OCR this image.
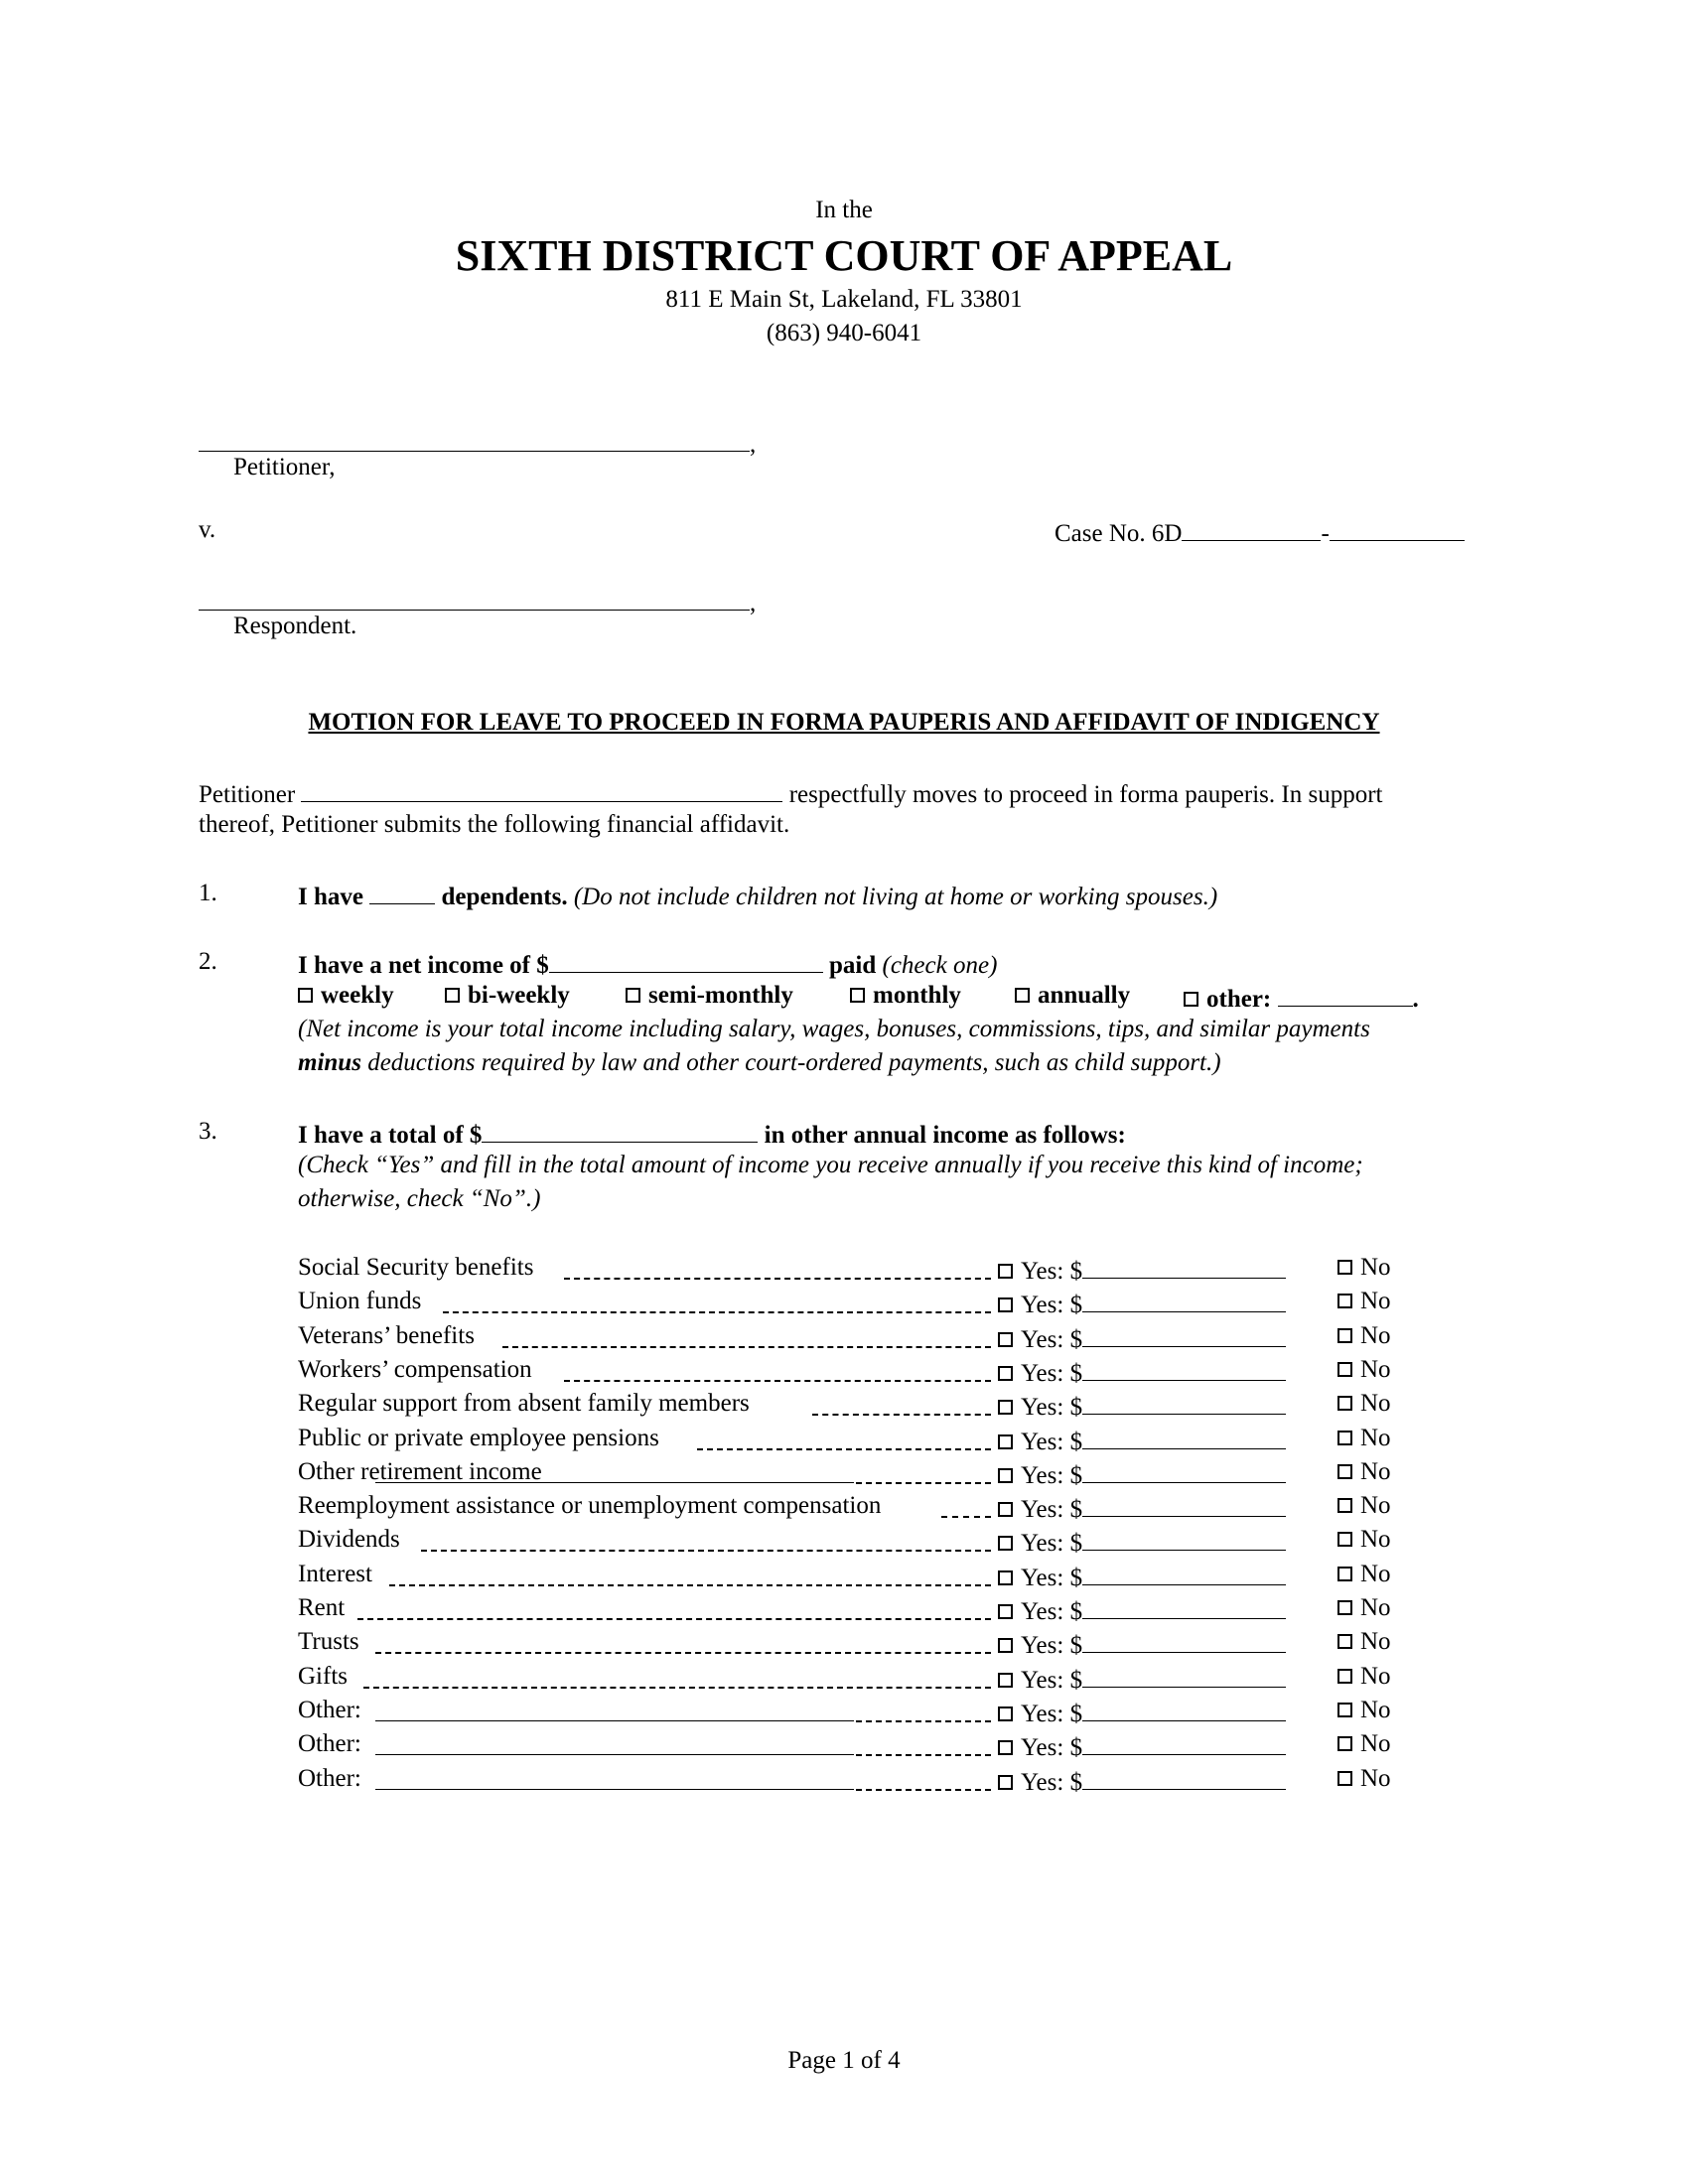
In the
SIXTH DISTRICT COURT OF APPEAL
811 E Main St, Lakeland, FL 33801
(863) 940-6041
,
Petitioner,
v.	Case No. 6D	-
,
Respondent.
MOTION FOR LEAVE TO PROCEED IN FORMA PAUPERIS AND AFFIDAVIT OF INDIGENCY
Petitioner	respectfully moves to proceed in forma pauperis. In support
thereof, Petitioner submits the following financial affidavit.
1.	I have	dependents. (Do not include children not living at home or working spouses.)
2.	I have a net income of $	paid (check one)
weekly	bi-weekly	semi-monthly	monthly	annually	other:	.
(Net income is your total income including salary, wages, bonuses, commissions, tips, and similar payments
minus deductions required by law and other court-ordered payments, such as child support.)
3.	I have a total of $	in other annual income as follows:
(Check “Yes” and fill in the total amount of income you receive annually if you receive this kind of income;
otherwise, check “No”.)
Social Security benefits	Yes: $	No
Union funds	Yes: $	No
Veterans’ benefits	Yes: $	No
Workers’ compensation	Yes: $	No
Regular support from absent family members	Yes: $	No
Public or private employee pensions	Yes: $	No
Other retirement income	Yes: $	No
Reemployment assistance or unemployment compensation	Yes: $	No
Dividends	Yes: $	No
Interest	Yes: $	No
Rent	Yes: $	No
Trusts	Yes: $	No
Gifts	Yes: $	No
Other:	Yes: $	No
Other:	Yes: $	No
Other:	Yes: $	No
Page 1 of 4
